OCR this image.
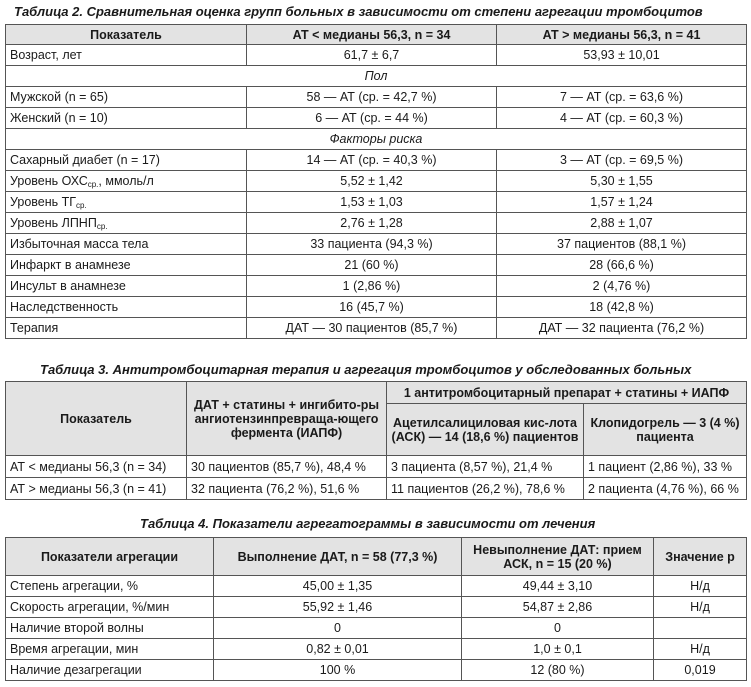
Таблица 2. Сравнительная оценка групп больных в зависимости от степени агрегации тромбоцитов
Показатель	АТ < медианы 56,3, n = 34	АТ > медианы 56,3, n = 41
Возраст, лет	61,7 ± 6,7	53,93 ± 10,01
Пол		
Мужской (n = 65)	58 — АТ (ср. = 42,7 %)	7 — АТ (ср. = 63,6 %)
Женский (n = 10)	6 — АТ (ср. = 44 %)	4 — АТ (ср. = 60,3 %)
Факторы риска		
Сахарный диабет (n = 17)	14 — АТ (ср. = 40,3 %)	3 — АТ (ср. = 69,5 %)
Уровень $ОХС_{ср.}$, ммоль/л	5,52 ± 1,42	5,30 ± 1,55
Уровень $ТГ_{ср.}$	1,53 ± 1,03	1,57 ± 1,24
Уровень $ЛПНП_{ср.}$	2,76 ± 1,28	2,88 ± 1,07
Избыточная масса тела	33 пациента (94,3 %)	37 пациентов (88,1 %)
Инфаркт в анамнезе	21 (60 %)	28 (66,6 %)
Инсульт в анамнезе	1 (2,86 %)	2 (4,76 %)
Наследственность	16 (45,7 %)	18 (42,8 %)
Терапия	ДАТ — 30 пациентов (85,7 %)	ДАТ — 32 пациента (76,2 %)
Таблица 3. Антитромбоцитарная терапия и агрегация тромбоцитов у обследованных больных
Показатель	ДАТ + статины + ингибито-ры ангиотензинпревраща-ющего фермента (ИАПФ)	1 антитромбоцитарный препарат + статины + ИАПФ	
		Ацетилсалициловая кис-лота (АСК) — 14 (18,6 %) пациентов	Клопидогрель — 3 (4 %) пациента
АТ < медианы 56,3 (n = 34)	30 пациентов (85,7 %), 48,4 %	3 пациента (8,57 %), 21,4 %	1 пациент (2,86 %), 33 %
АТ > медианы 56,3 (n = 41)	32 пациента (76,2 %), 51,6 %	11 пациентов (26,2 %), 78,6 %	2 пациента (4,76 %), 66 %
Таблица 4. Показатели агрегатограммы в зависимости от лечения
Показатели агрегации	Выполнение ДАТ, n = 58 (77,3 %)	Невыполнение ДАТ: прием АСК, n = 15 (20 %)	Значение p
Степень агрегации, %	45,00 ± 1,35	49,44 ± 3,10	Н/д
Скорость агрегации, %/мин	55,92 ± 1,46	54,87 ± 2,86	Н/д
Наличие второй волны	0	0	
Время агрегации, мин	0,82 ± 0,01	1,0 ± 0,1	Н/д
Наличие дезагрегации	100 %	12 (80 %)	0,019
